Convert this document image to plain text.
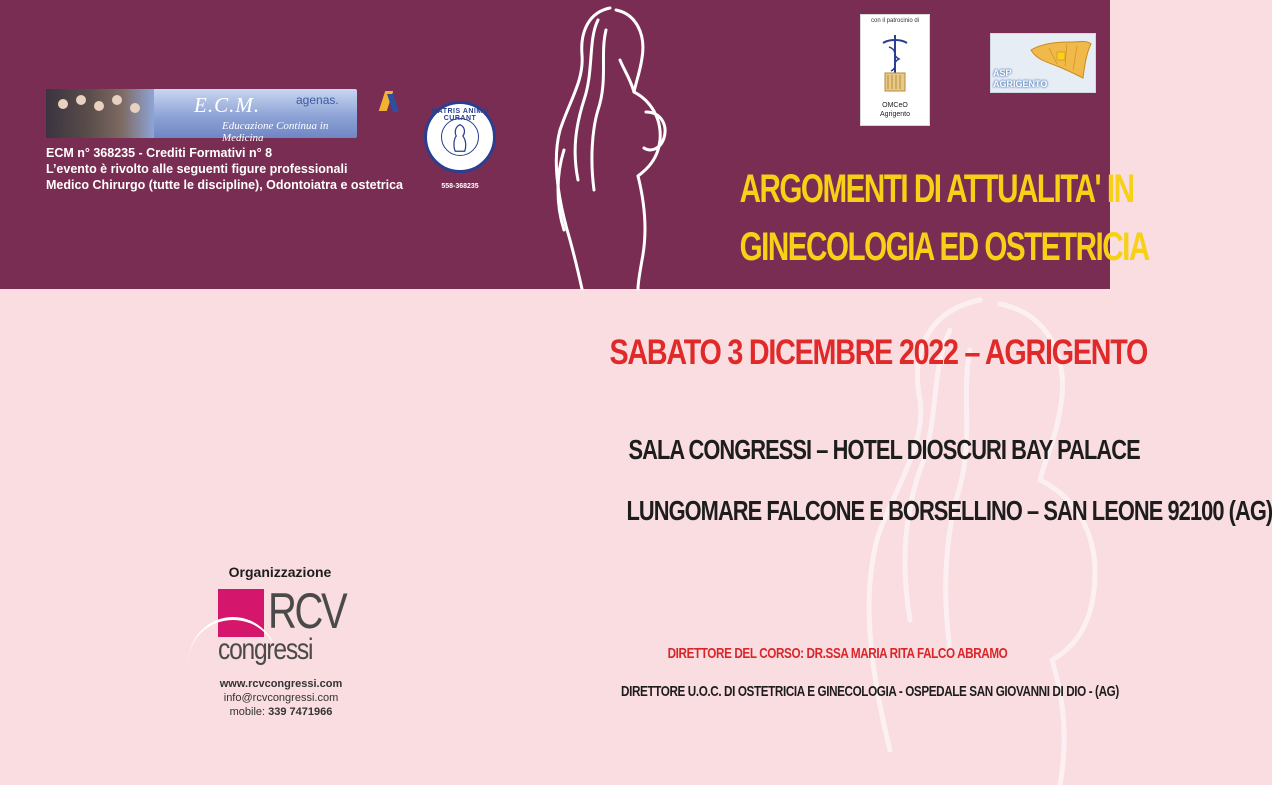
E.C.M.
Educazione Continua in Medicina
agenas.
ECM n° 368235 - Crediti Formativi n° 8
L’evento è rivolto alle seguenti figure professionali
Medico Chirurgo (tutte le discipline), Odontoiatra e ostetrica
MATRIS ANIMO CURANT
558-368235
con il patrocinio di
OMCeO
Agrigento
ASP
AGRIGENTO
ARGOMENTI DI ATTUALITA' IN
GINECOLOGIA ED OSTETRICIA
SABATO 3 DICEMBRE 2022 – AGRIGENTO
SALA CONGRESSI – HOTEL DIOSCURI BAY PALACE
LUNGOMARE FALCONE E BORSELLINO – SAN LEONE 92100 (AG)
DIRETTORE DEL CORSO: DR.SSA MARIA RITA FALCO ABRAMO
DIRETTORE U.O.C. DI OSTETRICIA E GINECOLOGIA - OSPEDALE SAN GIOVANNI DI DIO - (AG)
Organizzazione
RCV
congressi
www.rcvcongressi.com
info@rcvcongressi.com
mobile: 339 7471966
